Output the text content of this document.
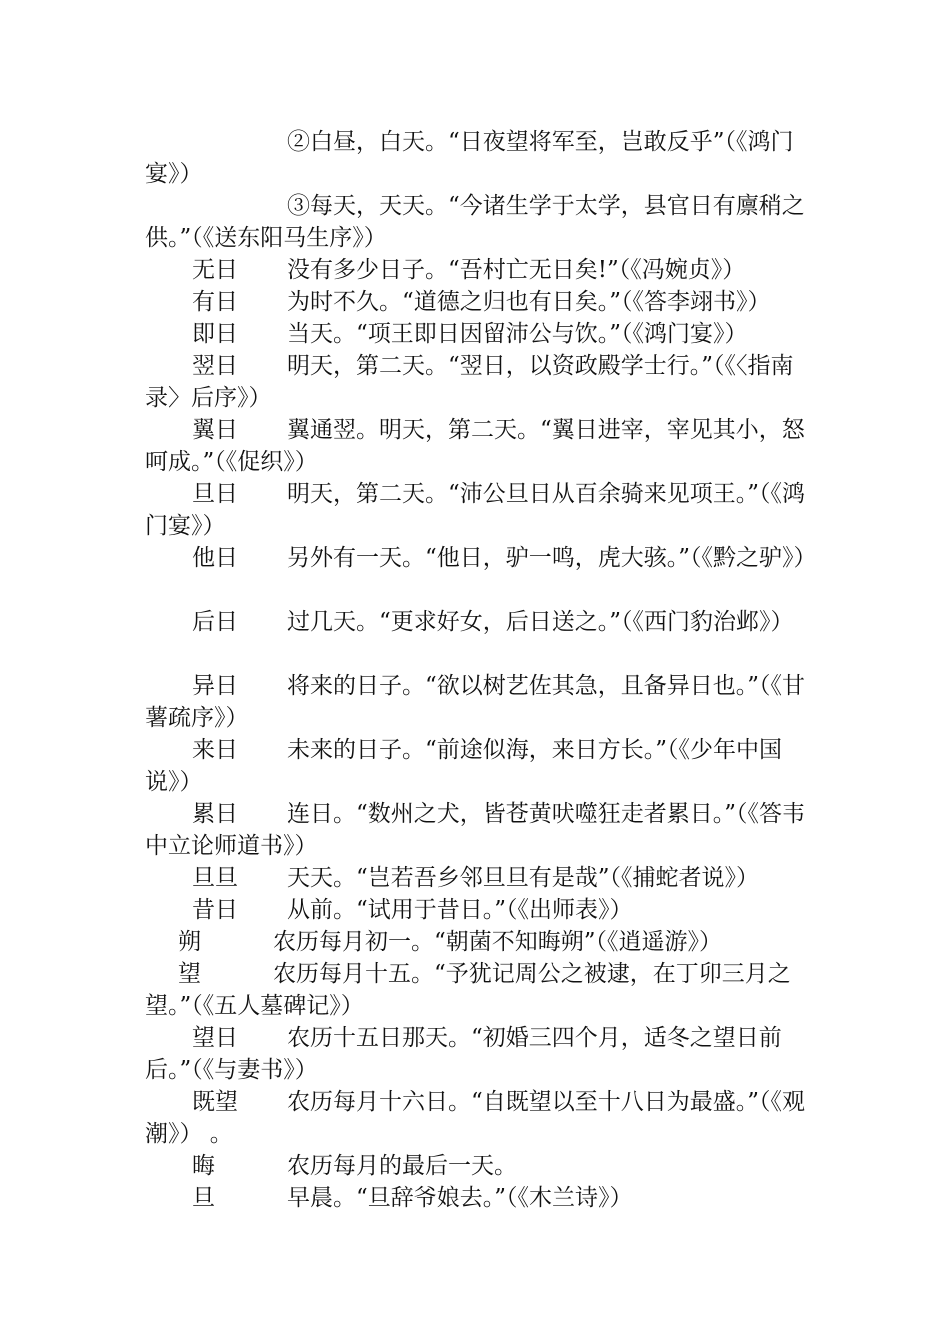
②白昼，白天。“日夜望将军至，岂敢反乎”（《鸿门宴》）

③每天，天天。“今诸生学于太学，县官日有廪稍之供。”（《送东阳马生序》）

无日	没有多少日子。“吾村亡无日矣!”（《冯婉贞》）
有日	为时不久。“道德之归也有日矣。”（《答李翊书》）
即日	当天。“项王即日因留沛公与饮。”（《鸿门宴》）
翌日	明天，第二天。“翌日，以资政殿学士行。”（《〈指南录〉后序》）
翼日	翼通翌。明天，第二天。“翼日进宰，宰见其小，怒呵成。”（《促织》）
旦日	明天，第二天。“沛公旦日从百余骑来见项王。”（《鸿门宴》）
他日	另外有一天。“他日，驴一鸣，虎大骇。”（《黔之驴》）
后日	过几天。“更求好女，后日送之。”（《西门豹治邺》）
异日	将来的日子。“欲以树艺佐其急，且备异日也。”（《甘薯疏序》）
来日	未来的日子。“前途似海，来日方长。”（《少年中国说》）
累日	连日。“数州之犬，皆苍黄吠噬狂走者累日。”（《答韦中立论师道书》）
旦旦	天天。“岂若吾乡邻旦旦有是哉”（《捕蛇者说》）
昔日	从前。“试用于昔日。”（《出师表》）
朔	农历每月初一。“朝菌不知晦朔”（《逍遥游》）
望	农历每月十五。“予犹记周公之被逮，在丁卯三月之望。”（《五人墓碑记》）
望日	农历十五日那天。“初婚三四个月，适冬之望日前后。”（《与妻书》）
既望	农历每月十六日。“自既望以至十八日为最盛。”（《观潮》） 。
晦	农历每月的最后一天。
旦	早晨。“旦辞爷娘去。”（《木兰诗》）
